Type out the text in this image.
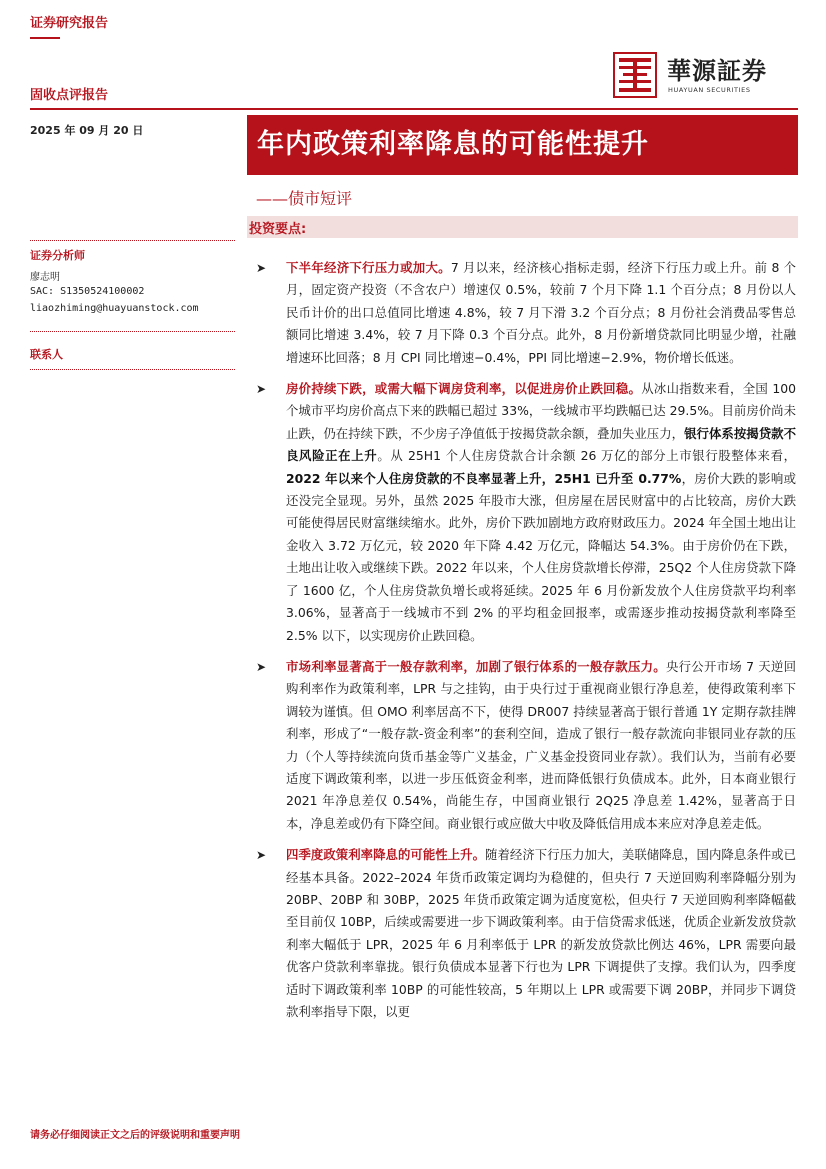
证券研究报告
固收点评报告
2025 年 09 月 20 日
華源証券
HUAYUAN SECURITIES
年内政策利率降息的可能性提升
——债市短评
投资要点:
证券分析师
廖志明
SAC: S1350524100002
liaozhiming@huayuanstock.com
联系人
➤ 下半年经济下行压力或加大。7 月以来，经济核心指标走弱，经济下行压力或上升。前 8 个月，固定资产投资（不含农户）增速仅 0.5%，较前 7 个月下降 1.1 个百分点；8 月份以人民币计价的出口总值同比增速 4.8%，较 7 月下滑 3.2 个百分点；8 月份社会消费品零售总额同比增速 3.4%，较 7 月下降 0.3 个百分点。此外，8 月份新增贷款同比明显少增，社融增速环比回落；8 月 CPI 同比增速−0.4%，PPI 同比增速−2.9%，物价增长低迷。
➤ 房价持续下跌，或需大幅下调房贷利率，以促进房价止跌回稳。从冰山指数来看，全国 100 个城市平均房价高点下来的跌幅已超过 33%，一线城市平均跌幅已达 29.5%。目前房价尚未止跌，仍在持续下跌，不少房子净值低于按揭贷款余额，叠加失业压力，银行体系按揭贷款不良风险正在上升。从 25H1 个人住房贷款合计余额 26 万亿的部分上市银行股整体来看，2022 年以来个人住房贷款的不良率显著上升，25H1 已升至 0.77%，房价大跌的影响或还没完全显现。另外，虽然 2025 年股市大涨，但房屋在居民财富中的占比较高，房价大跌可能使得居民财富继续缩水。此外，房价下跌加剧地方政府财政压力。2024 年全国土地出让金收入 3.72 万亿元，较 2020 年下降 4.42 万亿元，降幅达 54.3%。由于房价仍在下跌，土地出让收入或继续下跌。2022 年以来，个人住房贷款增长停滞，25Q2 个人住房贷款下降了 1600 亿，个人住房贷款负增长或将延续。2025 年 6 月份新发放个人住房贷款平均利率 3.06%，显著高于一线城市不到 2% 的平均租金回报率，或需逐步推动按揭贷款利率降至 2.5% 以下，以实现房价止跌回稳。
➤ 市场利率显著高于一般存款利率，加剧了银行体系的一般存款压力。央行公开市场 7 天逆回购利率作为政策利率，LPR 与之挂钩，由于央行过于重视商业银行净息差，使得政策利率下调较为谨慎。但 OMO 利率居高不下，使得 DR007 持续显著高于银行普通 1Y 定期存款挂牌利率，形成了“一般存款-资金利率”的套利空间，造成了银行一般存款流向非银同业存款的压力（个人等持续流向货币基金等广义基金，广义基金投资同业存款）。我们认为，当前有必要适度下调政策利率，以进一步压低资金利率，进而降低银行负债成本。此外，日本商业银行 2021 年净息差仅 0.54%，尚能生存，中国商业银行 2Q25 净息差 1.42%，显著高于日本，净息差或仍有下降空间。商业银行或应做大中收及降低信用成本来应对净息差走低。
➤ 四季度政策利率降息的可能性上升。随着经济下行压力加大，美联储降息，国内降息条件或已经基本具备。2022–2024 年货币政策定调均为稳健的，但央行 7 天逆回购利率降幅分别为 20BP、20BP 和 30BP，2025 年货币政策定调为适度宽松，但央行 7 天逆回购利率降幅截至目前仅 10BP，后续或需要进一步下调政策利率。由于信贷需求低迷，优质企业新发放贷款利率大幅低于 LPR，2025 年 6 月利率低于 LPR 的新发放贷款比例达 46%，LPR 需要向最优客户贷款利率靠拢。银行负债成本显著下行也为 LPR 下调提供了支撑。我们认为，四季度适时下调政策利率 10BP 的可能性较高，5 年期以上 LPR 或需要下调 20BP，并同步下调贷款利率指导下限，以更
请务必仔细阅读正文之后的评级说明和重要声明
